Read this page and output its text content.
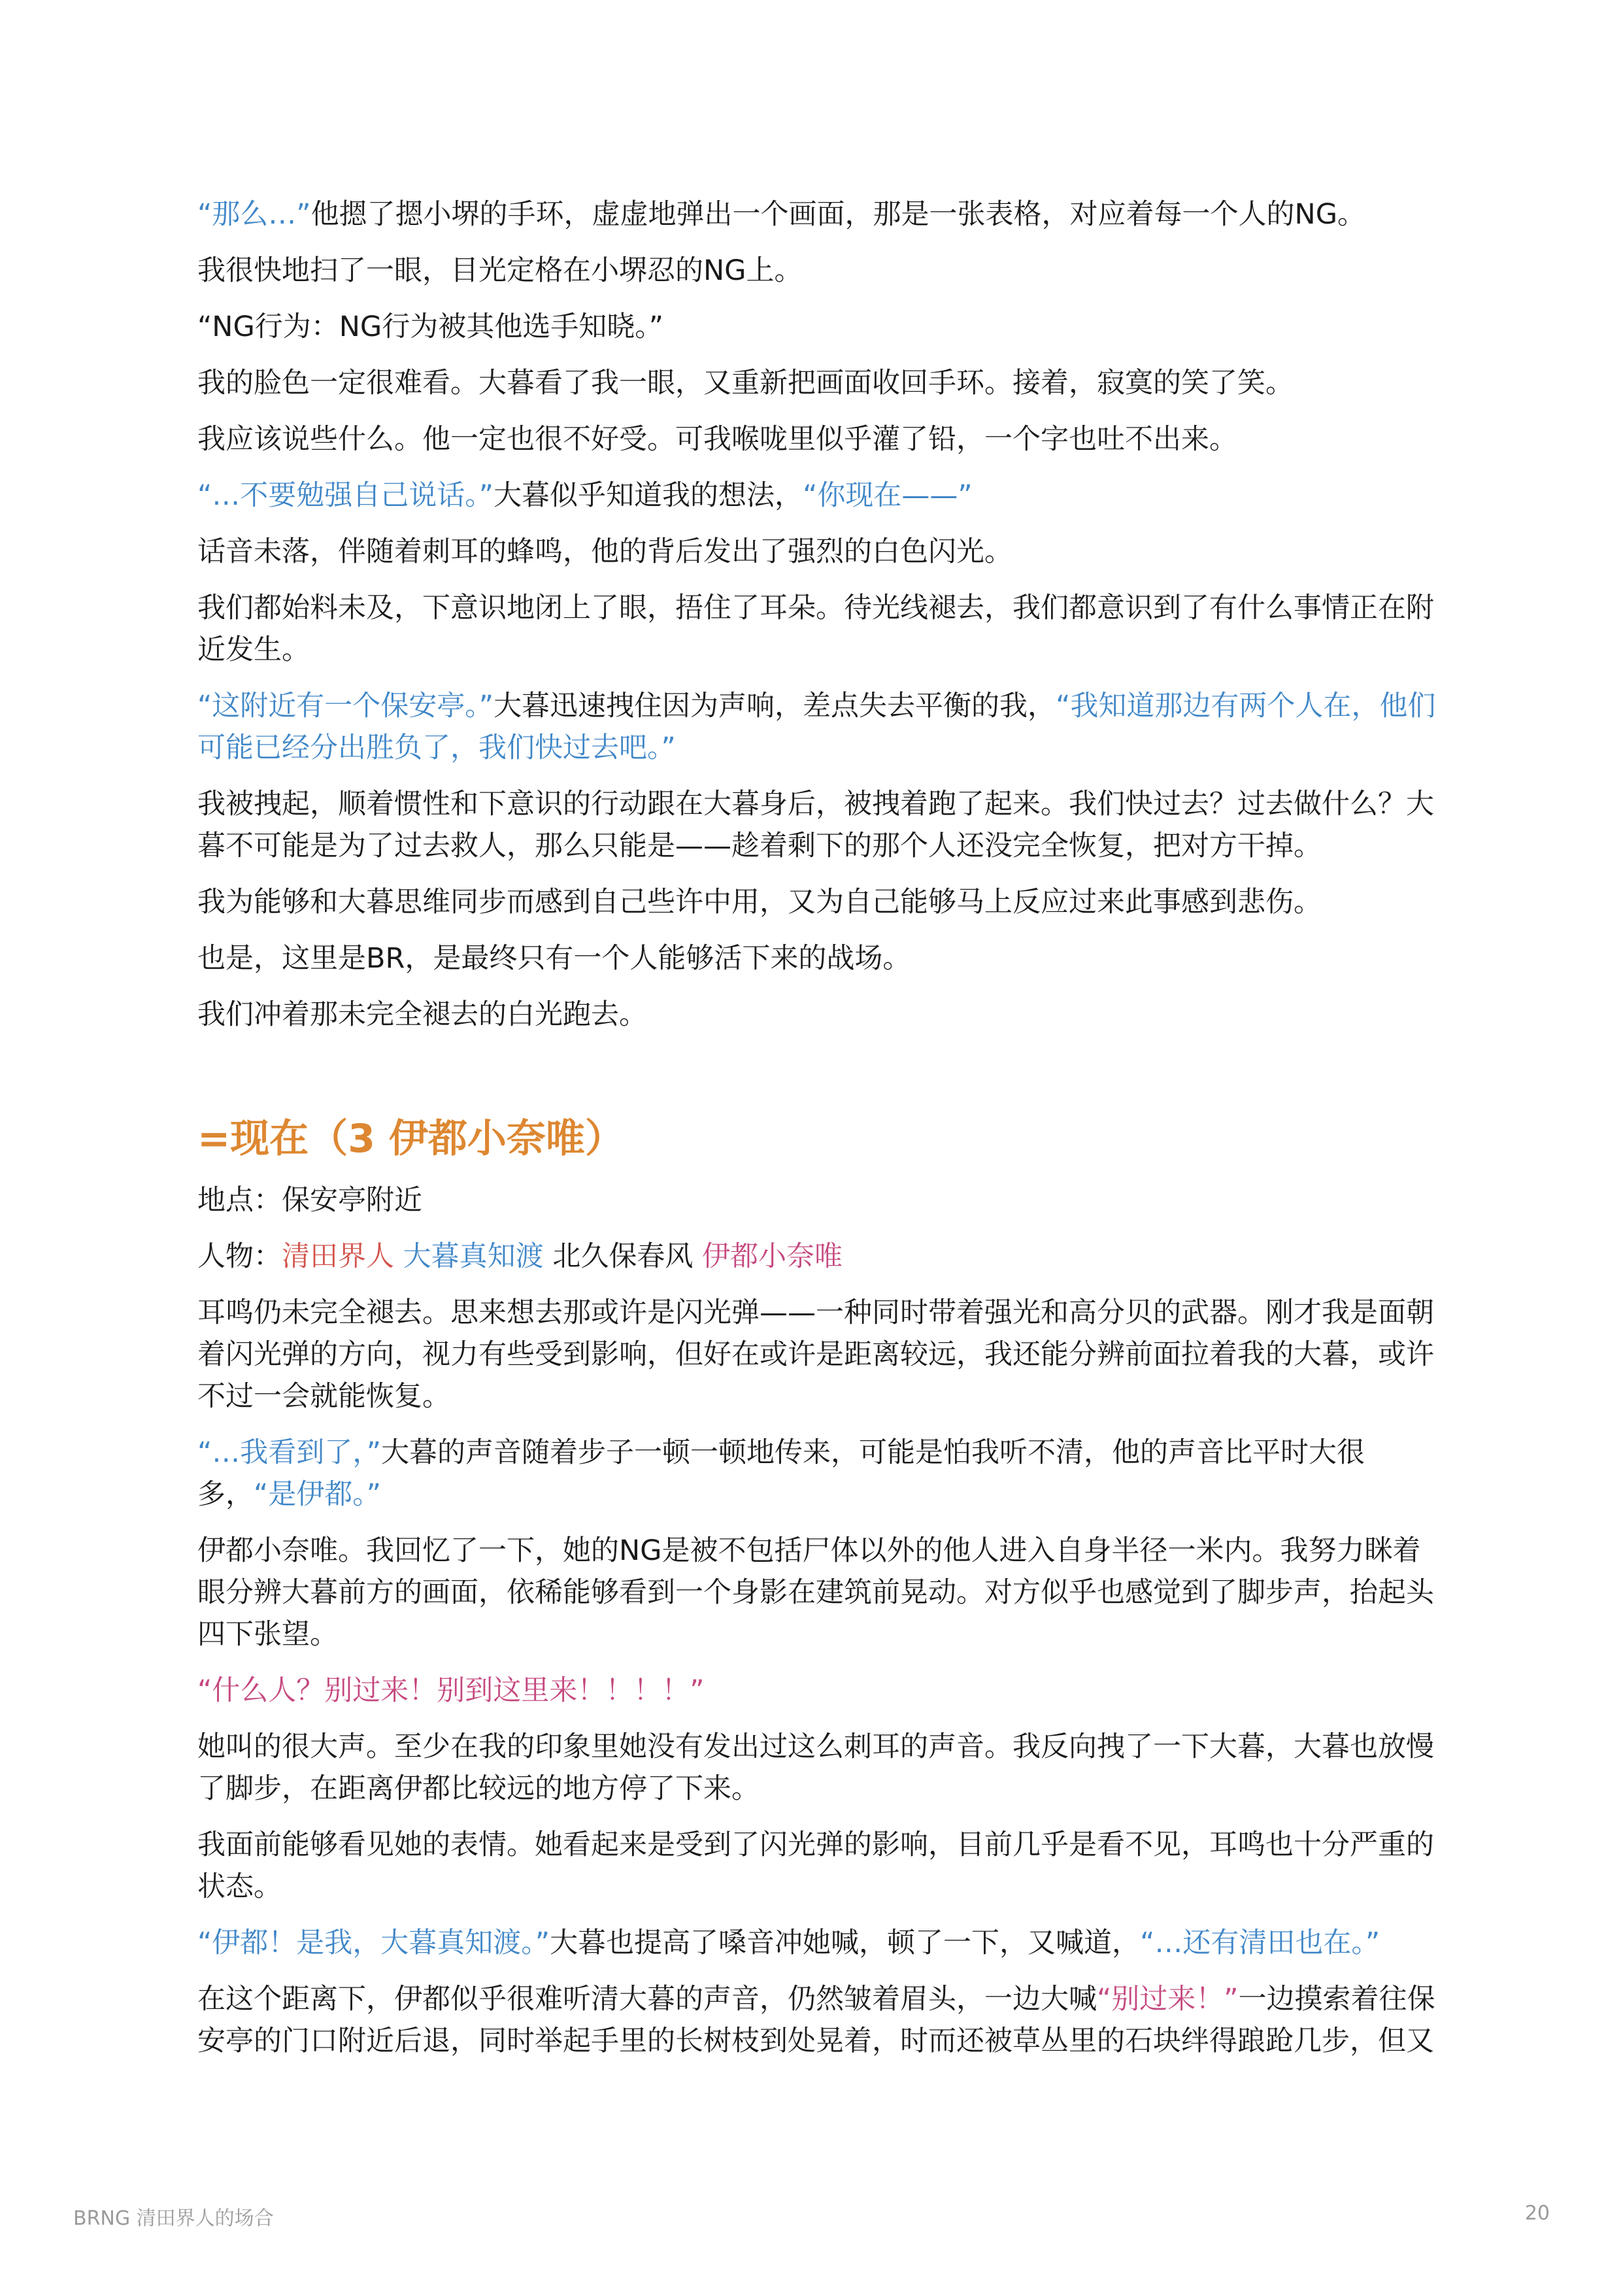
“那么…”他摁了摁小堺的手环，虚虚地弹出一个画面，那是一张表格，对应着每一个人的NG。

我很快地扫了一眼，目光定格在小堺忍的NG上。

“NG行为：NG行为被其他选手知晓。”

我的脸色一定很难看。大暮看了我一眼，又重新把画面收回手环。接着，寂寞的笑了笑。

我应该说些什么。他一定也很不好受。可我喉咙里似乎灌了铅，一个字也吐不出来。

“…不要勉强自己说话。”大暮似乎知道我的想法，“你现在——”

话音未落，伴随着刺耳的蜂鸣，他的背后发出了强烈的白色闪光。

我们都始料未及，下意识地闭上了眼，捂住了耳朵。待光线褪去，我们都意识到了有什么事情正在附近发生。

“这附近有一个保安亭。”大暮迅速拽住因为声响，差点失去平衡的我，“我知道那边有两个人在，他们可能已经分出胜负了，我们快过去吧。”

我被拽起，顺着惯性和下意识的行动跟在大暮身后，被拽着跑了起来。我们快过去？过去做什么？大暮不可能是为了过去救人，那么只能是——趁着剩下的那个人还没完全恢复，把对方干掉。

我为能够和大暮思维同步而感到自己些许中用，又为自己能够马上反应过来此事感到悲伤。

也是，这里是BR，是最终只有一个人能够活下来的战场。

我们冲着那未完全褪去的白光跑去。

=现在（3 伊都小奈唯）

地点：保安亭附近

人物：清田界人 大暮真知渡 北久保春风 伊都小奈唯

耳鸣仍未完全褪去。思来想去那或许是闪光弹——一种同时带着强光和高分贝的武器。刚才我是面朝着闪光弹的方向，视力有些受到影响，但好在或许是距离较远，我还能分辨前面拉着我的大暮，或许不过一会就能恢复。

“…我看到了，”大暮的声音随着步子一顿一顿地传来，可能是怕我听不清，他的声音比平时大很多，“是伊都。”

伊都小奈唯。我回忆了一下，她的NG是被不包括尸体以外的他人进入自身半径一米内。我努力眯着眼分辨大暮前方的画面，依稀能够看到一个身影在建筑前晃动。对方似乎也感觉到了脚步声，抬起头四下张望。

“什么人？别过来！别到这里来！！！！”

她叫的很大声。至少在我的印象里她没有发出过这么刺耳的声音。我反向拽了一下大暮，大暮也放慢了脚步，在距离伊都比较远的地方停了下来。

我面前能够看见她的表情。她看起来是受到了闪光弹的影响，目前几乎是看不见，耳鸣也十分严重的状态。

“伊都！是我，大暮真知渡。”大暮也提高了嗓音冲她喊，顿了一下，又喊道，“…还有清田也在。”

在这个距离下，伊都似乎很难听清大暮的声音，仍然皱着眉头，一边大喊“别过来！”一边摸索着往保安亭的门口附近后退，同时举起手里的长树枝到处晃着，时而还被草丛里的石块绊得踉跄几步，但又

BRNG 清田界人的场合	20
